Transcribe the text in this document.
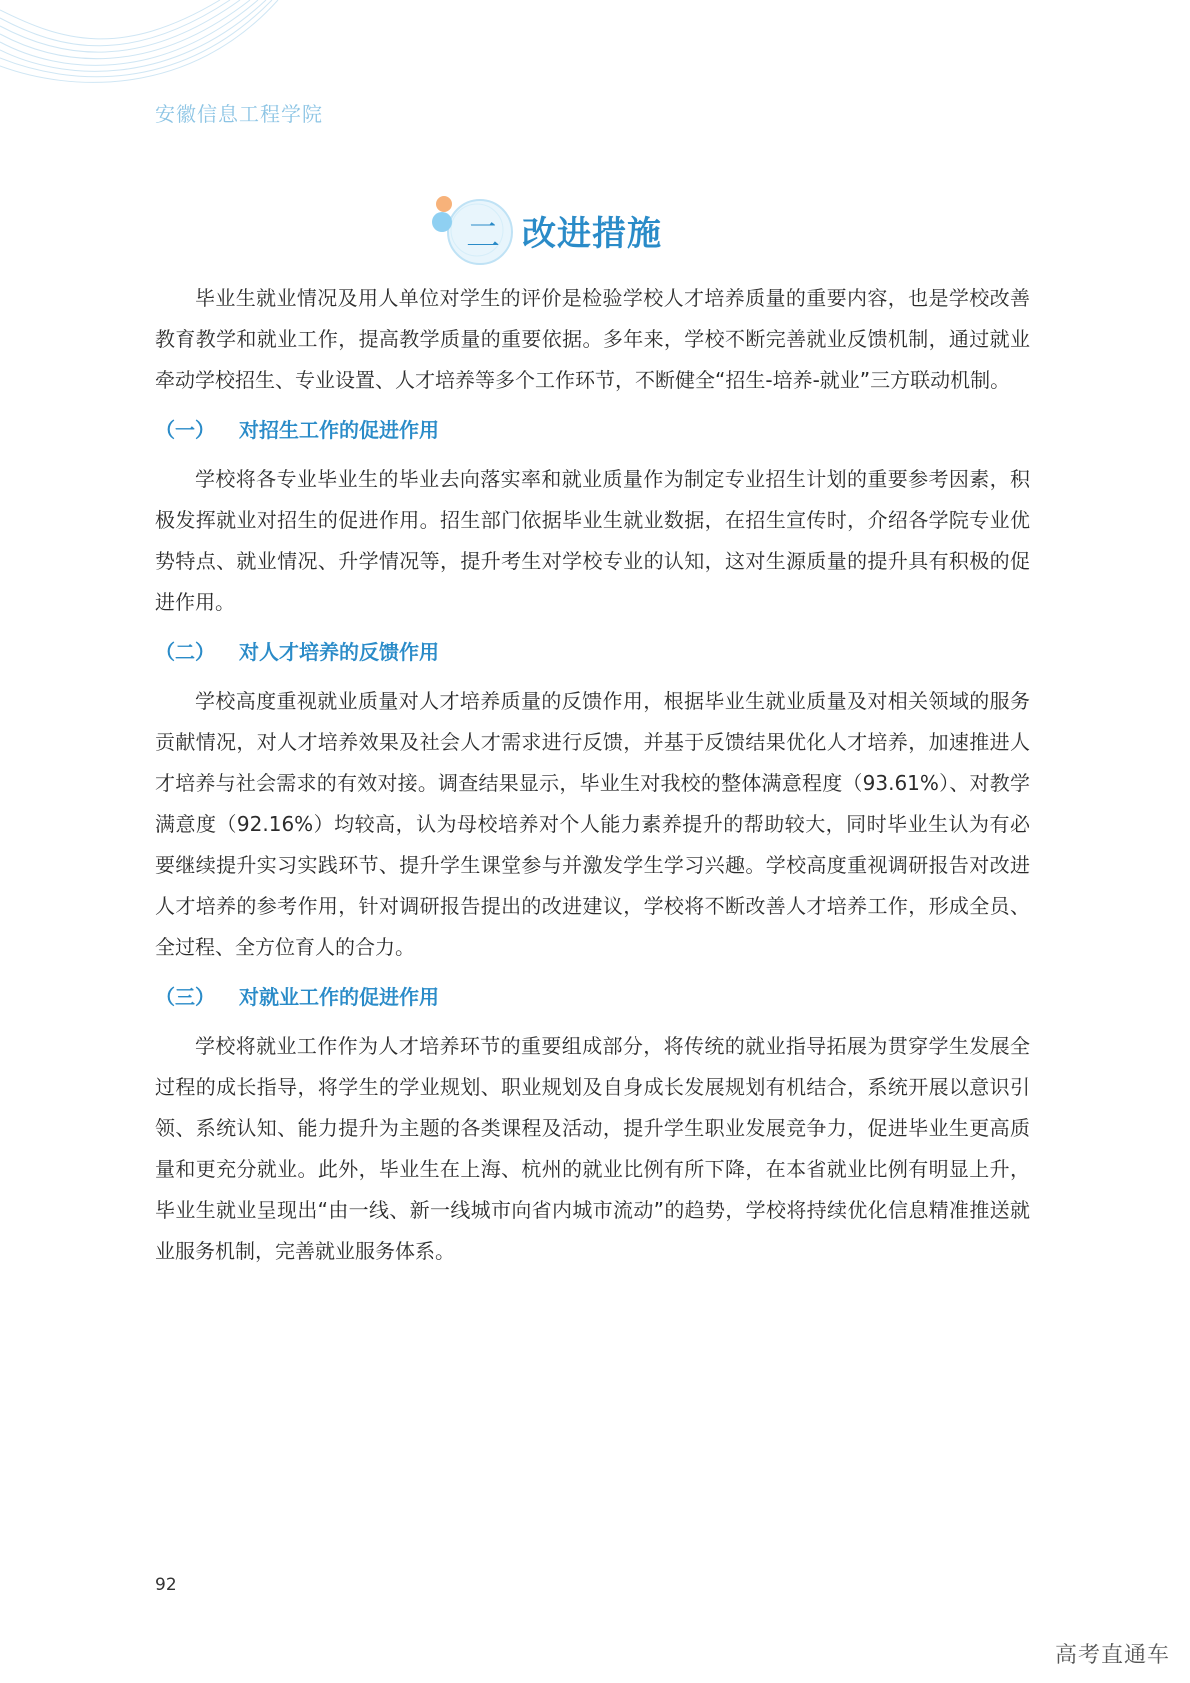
安徽信息工程学院
二 改进措施

毕业生就业情况及用人单位对学生的评价是检验学校人才培养质量的重要内容，也是学校改善教育教学和就业工作，提高教学质量的重要依据。多年来，学校不断完善就业反馈机制，通过就业牵动学校招生、专业设置、人才培养等多个工作环节，不断健全“招生-培养-就业”三方联动机制。

（一）	对招生工作的促进作用

学校将各专业毕业生的毕业去向落实率和就业质量作为制定专业招生计划的重要参考因素，积极发挥就业对招生的促进作用。招生部门依据毕业生就业数据，在招生宣传时，介绍各学院专业优势特点、就业情况、升学情况等，提升考生对学校专业的认知，这对生源质量的提升具有积极的促进作用。

（二）	对人才培养的反馈作用

学校高度重视就业质量对人才培养质量的反馈作用，根据毕业生就业质量及对相关领域的服务贡献情况，对人才培养效果及社会人才需求进行反馈，并基于反馈结果优化人才培养，加速推进人才培养与社会需求的有效对接。调查结果显示，毕业生对我校的整体满意程度（93.61%）、对教学满意度（92.16%）均较高，认为母校培养对个人能力素养提升的帮助较大，同时毕业生认为有必要继续提升实习实践环节、提升学生课堂参与并激发学生学习兴趣。学校高度重视调研报告对改进人才培养的参考作用，针对调研报告提出的改进建议，学校将不断改善人才培养工作，形成全员、全过程、全方位育人的合力。

（三）	对就业工作的促进作用

学校将就业工作作为人才培养环节的重要组成部分，将传统的就业指导拓展为贯穿学生发展全过程的成长指导，将学生的学业规划、职业规划及自身成长发展规划有机结合，系统开展以意识引领、系统认知、能力提升为主题的各类课程及活动，提升学生职业发展竞争力，促进毕业生更高质量和更充分就业。此外，毕业生在上海、杭州的就业比例有所下降，在本省就业比例有明显上升，毕业生就业呈现出“由一线、新一线城市向省内城市流动”的趋势，学校将持续优化信息精准推送就业服务机制，完善就业服务体系。

92
高考直通车
